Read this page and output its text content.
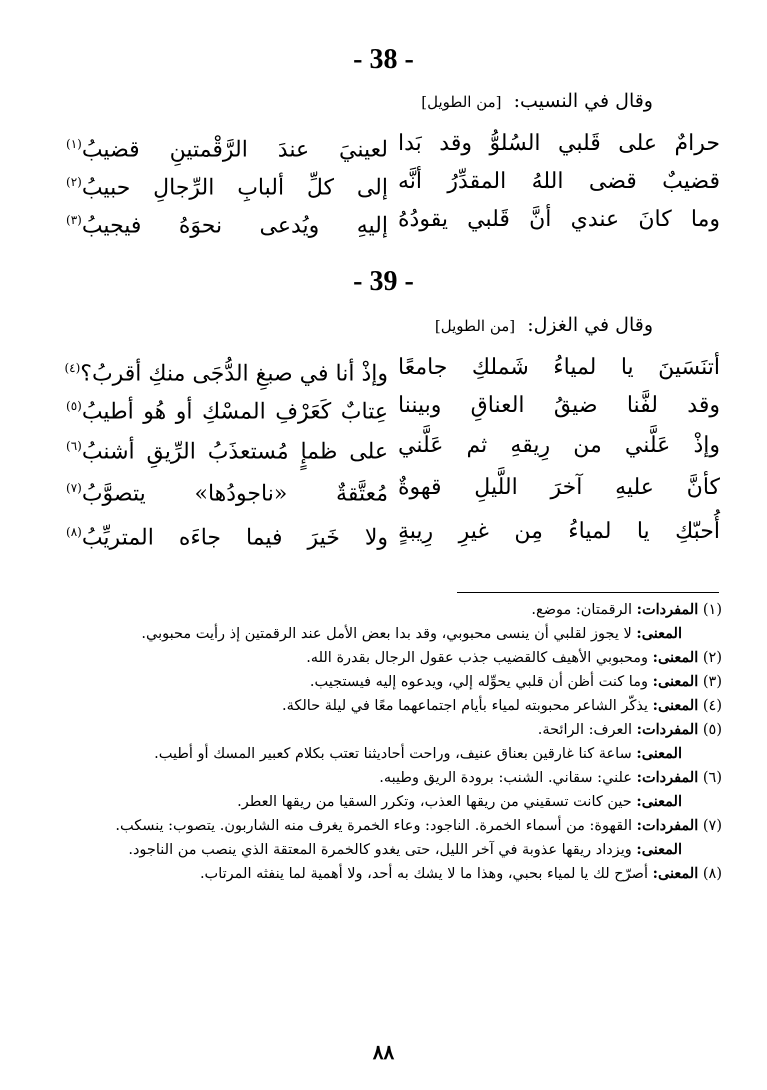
- 38 -
وقال في النسيب: [من الطويل]
حرامٌ على قَلبي السُلوُّ وقد بَدا
لعينيَ عندَ الرَّقْمتينِ قضيبُ$^{(١)}$
قضيبٌ قضى اللهُ المقدِّرُ أنَّه
إلى كلِّ ألبابِ الرِّجالِ حبيبُ$^{(٢)}$
وما كانَ عندي أنَّ قَلبي يقودُهُ
إليهِ ويُدعى نحوَهُ فيجيبُ$^{(٣)}$
- 39 -
وقال في الغزل: [من الطويل]
أتنَسَينَ يا لمياءُ شَملكِ جامعًا
وإذْ أنا في صبغِ الدُّجَى منكِ أقربُ؟$^{(٤)}$
وقد لفَّنا ضيقُ العناقِ وبيننا
عِتابٌ كَعَرْفِ المسْكِ أو هُو أطيبُ$^{(٥)}$
وإذْ عَلَّني من رِيقهِ ثم عَلَّني
على ظمإٍ مُستعذَبُ الرِّيقِ أشنبُ$^{(٦)}$
كأنَّ عليهِ آخرَ اللَّيلِ قهوةٌ
مُعتَّقةٌ «ناجودُها» يتصوَّبُ$^{(٧)}$
أُحبّكِ يا لمياءُ مِن غيرِ رِيبةٍ
ولا خَيرَ فيما جاءَه المتريِّبُ$^{(٨)}$
(١) المفردات: الرقمتان: موضع.
المعنى: لا يجوز لقلبي أن ينسى محبوبي، وقد بدا بعض الأمل عند الرقمتين إذ رأيت محبوبي.
(٢) المعنى: ومحبوبي الأهيف كالقضيب جذب عقول الرجال بقدرة الله.
(٣) المعنى: وما كنت أظن أن قلبي يحوِّله إلي، ويدعوه إليه فيستجيب.
(٤) المعنى: يذكّر الشاعر محبوبته لمياء بأيام اجتماعهما معًا في ليلة حالكة.
(٥) المفردات: العرف: الرائحة.
المعنى: ساعة كنا غارقين بعناق عنيف، وراحت أحاديثنا تعتب بكلام كعبير المسك أو أطيب.
(٦) المفردات: علني: سقاني. الشنب: برودة الريق وطيبه.
المعنى: حين كانت تسقيني من ريقها العذب، وتكرر السقيا من ريقها العطر.
(٧) المفردات: القهوة: من أسماء الخمرة. الناجود: وعاء الخمرة يغرف منه الشاربون. يتصوب: ينسكب.
المعنى: ويزداد ريقها عذوبة في آخر الليل، حتى يغدو كالخمرة المعتقة الذي ينصب من الناجود.
(٨) المعنى: أصرّح لك يا لمياء بحبي، وهذا ما لا يشك به أحد، ولا أهمية لما ينفثه المرتاب.
٨٨
